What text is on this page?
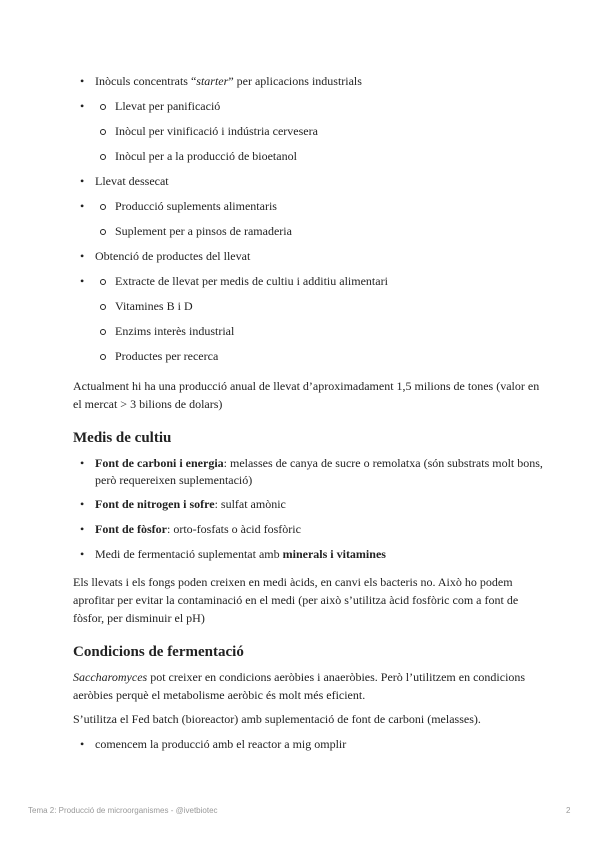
• Inòculs concentrats “starter” per aplicacions industrials
• Llevat per panificació
Inòcul per vinificació i indústria cervesera
Inòcul per a la producció de bioetanol
• Llevat dessecat
• Producció suplements alimentaris
Suplement per a pinsos de ramaderia
• Obtenció de productes del llevat
• Extracte de llevat per medis de cultiu i additiu alimentari
Vitamines B i D
Enzims interès industrial
Productes per recerca

Actualment hi ha una producció anual de llevat d’aproximadament 1,5 milions de tones (valor en el mercat > 3 bilions de dolars)

Medis de cultiu
• Font de carboni i energia: melasses de canya de sucre o remolatxa (són substrats molt bons, però requereixen suplementació)
• Font de nitrogen i sofre: sulfat amònic
• Font de fòsfor: orto-fosfats o àcid fosfòric
• Medi de fermentació suplementat amb minerals i vitamines

Els llevats i els fongs poden creixen en medi àcids, en canvi els bacteris no. Això ho podem aprofitar per evitar la contaminació en el medi (per això s’utilitza àcid fosfòric com a font de fòsfor, per disminuir el pH)

Condicions de fermentació

Saccharomyces pot creixer en condicions aeròbies i anaeròbies. Però l’utilitzem en condicions aeròbies perquè el metabolisme aeròbic és molt més eficient.

S’utilitza el Fed batch (bioreactor) amb suplementació de font de carboni (melasses).

• comencem la producció amb el reactor a mig omplir
Tema 2: Producció de microorganismes - @ivetbiotec	2
